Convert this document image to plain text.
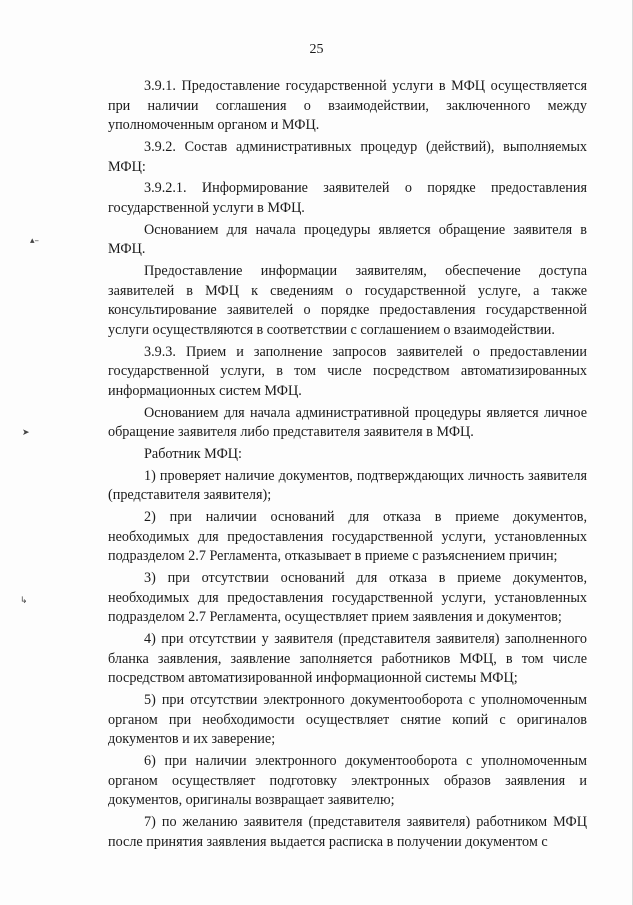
▴–
➤
↳
25

3.9.1. Предоставление государственной услуги в МФЦ осуществляется при наличии соглашения о взаимодействии, заключенного между уполномоченным органом и МФЦ.

3.9.2. Состав административных процедур (действий), выполняемых МФЦ:

3.9.2.1. Информирование заявителей о порядке предоставления государственной услуги в МФЦ.

Основанием для начала процедуры является обращение заявителя в МФЦ.

Предоставление информации заявителям, обеспечение доступа заявителей в МФЦ к сведениям о государственной услуге, а также консультирование заявителей о порядке предоставления государственной услуги осуществляются в соответствии с соглашением о взаимодействии.

3.9.3. Прием и заполнение запросов заявителей о предоставлении государственной услуги, в том числе посредством автоматизированных информационных систем МФЦ.

Основанием для начала административной процедуры является личное обращение заявителя либо представителя заявителя в МФЦ.

Работник МФЦ:

1) проверяет наличие документов, подтверждающих личность заявителя (представителя заявителя);

2) при наличии оснований для отказа в приеме документов, необходимых для предоставления государственной услуги, установленных подразделом 2.7 Регламента, отказывает в приеме с разъяснением причин;

3) при отсутствии оснований для отказа в приеме документов, необходимых для предоставления государственной услуги, установленных подразделом 2.7 Регламента, осуществляет прием заявления и документов;

4) при отсутствии у заявителя (представителя заявителя) заполненного бланка заявления, заявление заполняется работников МФЦ, в том числе посредством автоматизированной информационной системы МФЦ;

5) при отсутствии электронного документооборота с уполномоченным органом при необходимости осуществляет снятие копий с оригиналов документов и их заверение;

6) при наличии электронного документооборота с уполномоченным органом осуществляет подготовку электронных образов заявления и документов, оригиналы возвращает заявителю;

7) по желанию заявителя (представителя заявителя) работником МФЦ после принятия заявления выдается расписка в получении документом с
